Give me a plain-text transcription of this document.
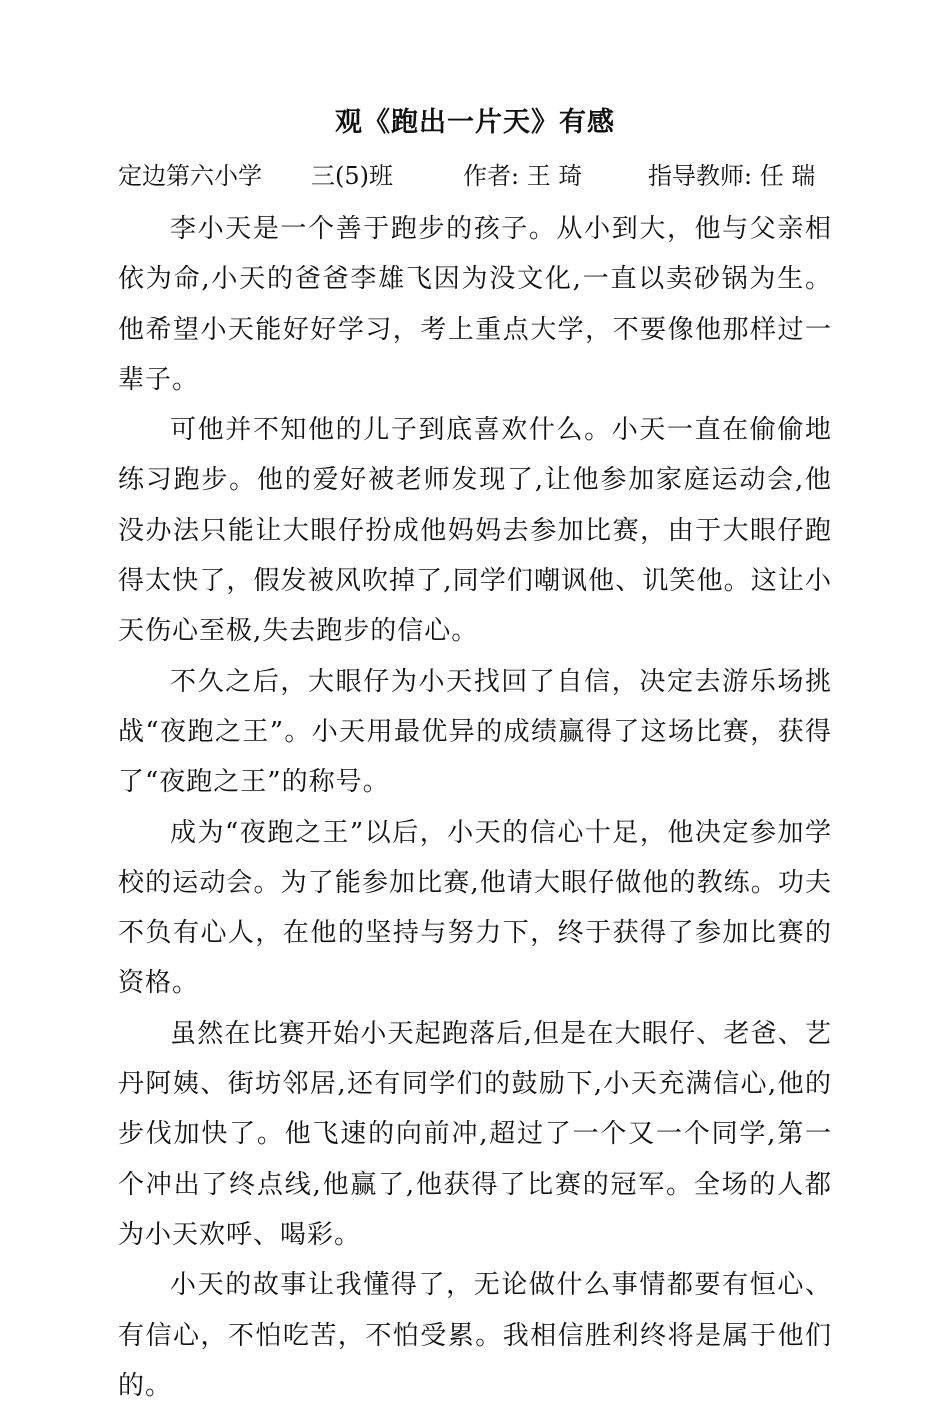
观《跑出一片天》有感
定边第六小学 三(5)班	作者: 王 琦	指导教师: 任 瑞

李小天是一个善于跑步的孩子。从小到大，他与父亲相依为命,小天的爸爸李雄飞因为没文化,一直以卖砂锅为生。他希望小天能好好学习，考上重点大学，不要像他那样过一辈子。

可他并不知他的儿子到底喜欢什么。小天一直在偷偷地练习跑步。他的爱好被老师发现了,让他参加家庭运动会,他没办法只能让大眼仔扮成他妈妈去参加比赛，由于大眼仔跑得太快了，假发被风吹掉了,同学们嘲讽他、讥笑他。这让小天伤心至极,失去跑步的信心。

不久之后，大眼仔为小天找回了自信，决定去游乐场挑战“夜跑之王”。小天用最优异的成绩赢得了这场比赛，获得了“夜跑之王”的称号。

成为“夜跑之王”以后，小天的信心十足，他决定参加学校的运动会。为了能参加比赛,他请大眼仔做他的教练。功夫不负有心人，在他的坚持与努力下，终于获得了参加比赛的资格。

虽然在比赛开始小天起跑落后,但是在大眼仔、老爸、艺丹阿姨、街坊邻居,还有同学们的鼓励下,小天充满信心,他的步伐加快了。他飞速的向前冲,超过了一个又一个同学,第一个冲出了终点线,他赢了,他获得了比赛的冠军。全场的人都为小天欢呼、喝彩。

小天的故事让我懂得了，无论做什么事情都要有恒心、有信心，不怕吃苦，不怕受累。我相信胜利终将是属于他们的。
